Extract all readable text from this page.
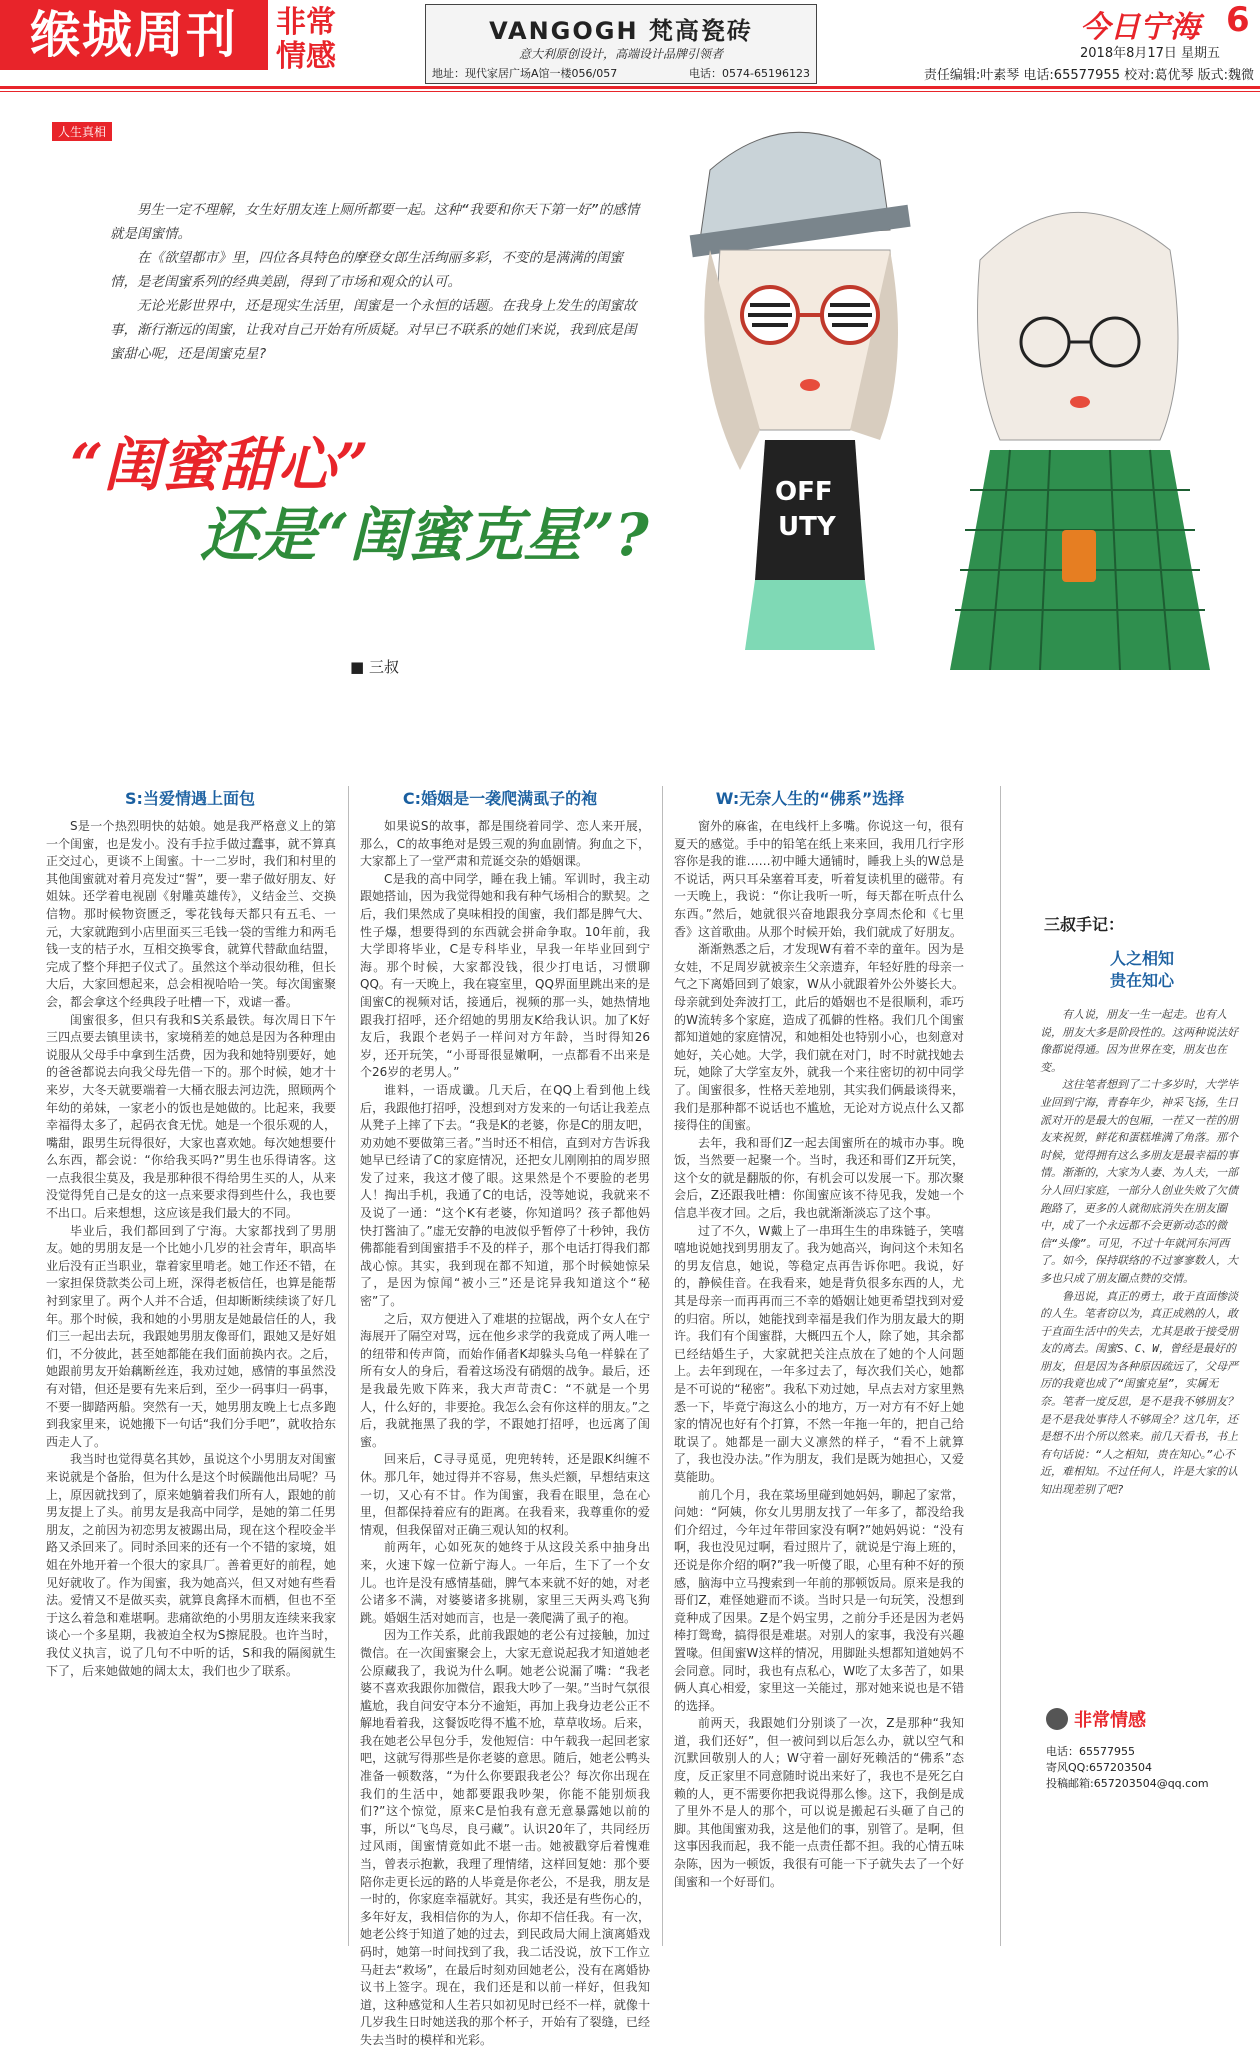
缑城周刊	非常情感
VANGOGH 梵高瓷砖
意大利原创设计，高端设计品牌引领者
地址：现代家居广场A馆一楼056/057	电话：0574-65196123
今日宁海 6
2018年8月17日 星期五
责任编辑:叶素琴 电话:65577955 校对:葛优琴 版式:魏微
人生真相

男生一定不理解，女生好朋友连上厕所都要一起。这种“我要和你天下第一好”的感情就是闺蜜情。

在《欲望都市》里，四位各具特色的摩登女郎生活绚丽多彩，不变的是满满的闺蜜情，是老闺蜜系列的经典美剧，得到了市场和观众的认可。

无论光影世界中，还是现实生活里，闺蜜是一个永恒的话题。在我身上发生的闺蜜故事，渐行渐远的闺蜜，让我对自己开始有所质疑。对早已不联系的她们来说，我到底是闺蜜甜心呢，还是闺蜜克星?

“闺蜜甜心”
还是“闺蜜克星”?
■ 三叔
OFF
UTY
S:当爱情遇上面包	C:婚姻是一袭爬满虱子的袍	W:无奈人生的“佛系”选择

S是一个热烈明快的姑娘。她是我严格意义上的第一个闺蜜，也是发小。没有手拉手做过蠢事，就不算真正交过心，更谈不上闺蜜。十一二岁时，我们和村里的其他闺蜜就对着月亮发过“誓”，要一辈子做好朋友、好姐妹。还学着电视剧《射雕英雄传》，义结金兰、交换信物。那时候物资匮乏，零花钱每天都只有五毛、一元，大家就跑到小店里面买三毛钱一袋的雪维力和两毛钱一支的桔子水，互相交换零食，就算代替歃血结盟，完成了整个拜把子仪式了。虽然这个举动很幼稚，但长大后，大家回想起来，总会相视哈哈一笑。每次闺蜜聚会，都会拿这个经典段子吐槽一下，戏谑一番。

闺蜜很多，但只有我和S关系最铁。每次周日下午三四点要去镇里读书，家境稍差的她总是因为各种理由说服从父母手中拿到生活费，因为我和她特别要好，她的爸爸都说去向我父母先借一下的。那个时候，她才十来岁，大冬天就要端着一大桶衣服去河边洗，照顾两个年幼的弟妹，一家老小的饭也是她做的。比起来，我要幸福得太多了，起码衣食无忧。她是一个很乐观的人，嘴甜，跟男生玩得很好，大家也喜欢她。每次她想要什么东西，都会说：“你给我买吗?”男生也乐得请客。这一点我很尘莫及，我是那种很不得给男生买的人，从来没觉得凭自己是女的这一点来要求得到些什么，我也要不出口。后来想想，这应该是我们最大的不同。

毕业后，我们都回到了宁海。大家都找到了男朋友。她的男朋友是一个比她小几岁的社会青年，职高毕业后没有正当职业，靠着家里啃老。她工作还不错，在一家担保贷款类公司上班，深得老板信任，也算是能帮衬到家里了。两个人并不合适，但却断断续续谈了好几年。那个时候，我和她的小男朋友是她最信任的人，我们三一起出去玩，我跟她男朋友像哥们，跟她又是好姐们，不分彼此，甚至她都能在我们面前换内衣。之后，她跟前男友开始藕断丝连，我劝过她，感情的事虽然没有对错，但还是要有先来后到，至少一码事归一码事，不要一脚踏两船。突然有一天，她男朋友晚上七点多跑到我家里来，说她搬下一句话“我们分手吧”，就收拾东西走人了。

我当时也觉得莫名其妙，虽说这个小男朋友对闺蜜来说就是个备胎，但为什么是这个时候踹他出局呢？马上，原因就找到了，原来她躺着我们所有人，跟她的前男友提上了头。前男友是我高中同学，是她的第二任男朋友，之前因为初恋男友被踢出局，现在这个程咬金半路又杀回来了。同时杀回来的还有一个不错的家境，姐姐在外地开着一个很大的家具厂。善着更好的前程，她见好就收了。作为闺蜜，我为她高兴，但又对她有些看法。爱情又不是做买卖，就算良禽择木而栖，但也不至于这么着急和难堪啊。悲痛欲绝的小男朋友连续来我家谈心一个多星期，我被迫全权为S擦屁股。也许当时，我仗义执言，说了几句不中听的话，S和我的隔阂就生下了，后来她做她的阔太太，我们也少了联系。

如果说S的故事，都是围绕着同学、恋人来开展，那么，C的故事绝对是毁三观的狗血剧情。狗血之下，大家都上了一堂严肃和荒诞交杂的婚姻课。

C是我的高中同学，睡在我上铺。军训时，我主动跟她搭讪，因为我觉得她和我有种气场相合的默契。之后，我们果然成了臭味相投的闺蜜，我们都是脾气大、性子爆，想要得到的东西就会拼命争取。10年前，我大学即将毕业，C是专科毕业，早我一年毕业回到宁海。那个时候，大家都没钱，很少打电话，习惯聊QQ。有一天晚上，我在寝室里，QQ界面里跳出来的是闺蜜C的视频对话，接通后，视频的那一头，她热情地跟我打招呼，还介绍她的男朋友K给我认识。加了K好友后，我跟个老妈子一样问对方年龄，当时得知26岁，还开玩笑，“小哥哥很显嫩啊，一点都看不出来是个26岁的老男人。”

谁料，一语成谶。几天后，在QQ上看到他上线后，我跟他打招呼，没想到对方发来的一句话让我差点从凳子上摔了下去。“我是K的老婆，你是C的朋友吧，劝劝她不要做第三者。”当时还不相信，直到对方告诉我她早已经请了C的家庭情况，还把女儿刚刚拍的周岁照发了过来，我这才傻了眼。这果然是个不要脸的老男人！掏出手机，我通了C的电话，没等她说，我就来不及说了一通：“这个K有老婆，你知道吗？孩子都他妈快打酱油了。”虚无安静的电波似乎暂停了十秒钟，我仿佛都能看到闺蜜措手不及的样子，那个电话打得我们都战心惊。其实，我到现在都不知道，那个时候她惊呆了，是因为惊闻“被小三”还是诧异我知道这个“秘密”了。

之后，双方便进入了难堪的拉锯战，两个女人在宁海展开了隔空对骂，远在他乡求学的我竟成了两人唯一的纽带和传声筒，而始作俑者K却躲头乌龟一样躲在了所有女人的身后，看着这场没有硝烟的战争。最后，还是我最先败下阵来，我大声苛责C：“不就是一个男人，什么好的，非要抢。我怎么会有你这样的朋友。”之后，我就拖黑了我的学，不跟她打招呼，也远离了闺蜜。

回来后，C寻寻觅觅，兜兜转转，还是跟K纠缠不休。那几年，她过得并不容易，焦头烂额，早想结束这一切，又心有不甘。作为闺蜜，我看在眼里，急在心里，但都保持着应有的距离。在我看来，我尊重你的爱情观，但我保留对正确三观认知的权利。

前两年，心如死灰的她终于从这段关系中抽身出来，火速下嫁一位新宁海人。一年后，生下了一个女儿。也许是没有感情基础，脾气本来就不好的她，对老公诸多不满，对婆婆诸多挑剔，家里三天两头鸡飞狗跳。婚姻生活对她而言，也是一袭爬满了虱子的袍。

因为工作关系，此前我跟她的老公有过接触，加过微信。在一次闺蜜聚会上，大家无意说起我才知道她老公原藏我了，我说为什么啊。她老公说漏了嘴：“我老婆不喜欢我跟你加微信，跟我大吵了一架。”当时气氛很尴尬，我自问安守本分不逾矩，再加上我身边老公正不解地看着我，这餐饭吃得不尴不尬，草草收场。后来，我在她老公早包分手，发他短信：中午载我一起回老家吧，这就写得那些是你老婆的意思。随后，她老公鸭头准备一顿数落，“为什么你要跟我老公？每次你出现在我们的生活中，她都要跟我吵架，你能不能别烦我们?”这个惊觉，原来C是怕我有意无意暴露她以前的事，所以“飞鸟尽，良弓藏”。认识20年了，共同经历过风雨，闺蜜情竟如此不堪一击。她被戳穿后着愧难当，曾表示抱歉，我理了理情绪，这样回复她：那个要陪你走更长远的路的人毕竟是你老公，不是我，朋友是一时的，你家庭幸福就好。其实，我还是有些伤心的，多年好友，我相信你的为人，你却不信任我。有一次，她老公终于知道了她的过去，到民政局大闹上演离婚戏码时，她第一时间找到了我，我二话没说，放下工作立马赶去“救场”，在最后时刻劝回她老公，没有在离婚协议书上签字。现在，我们还是和以前一样好，但我知道，这种感觉和人生若只如初见时已经不一样，就像十几岁我生日时她送我的那个杯子，开始有了裂缝，已经失去当时的模样和光彩。

窗外的麻雀，在电线杆上多嘴。你说这一句，很有夏天的感觉。手中的铅笔在纸上来来回，我用几行字形容你是我的谁……初中睡大通铺时，睡我上头的W总是不说话，两只耳朵塞着耳麦，听着复读机里的磁带。有一天晚上，我说：“你让我听一听，每天都在听点什么东西。”然后，她就很兴奋地跟我分享周杰伦和《七里香》这首歌曲。从那个时候开始，我们就成了好朋友。

渐渐熟悉之后，才发现W有着不幸的童年。因为是女娃，不足周岁就被亲生父亲遗弃，年轻好胜的母亲一气之下离婚回到了娘家，W从小就跟着外公外婆长大。母亲就到处奔波打工，此后的婚姻也不是很顺利，乖巧的W流转多个家庭，造成了孤僻的性格。我们几个闺蜜都知道她的家庭情况，和她相处也特别小心，也刻意对她好，关心她。大学，我们就在对门，时不时就找她去玩，她除了大学室友外，就我一个来往密切的初中同学了。闺蜜很多，性格天差地别，其实我们俩最谈得来，我们是那种都不说话也不尴尬，无论对方说点什么又都接得住的闺蜜。

去年，我和哥们Z一起去闺蜜所在的城市办事。晚饭，当然要一起聚一个。当时，我还和哥们Z开玩笑，这个女的就是翻版的你，有机会可以发展一下。那次聚会后，Z还跟我吐槽：你闺蜜应该不待见我，发她一个信息半夜才回。之后，我也就渐渐淡忘了这个事。

过了不久，W戴上了一串珥生生的串珠链子，笑嘻嘻地说她找到男朋友了。我为她高兴，询问这个未知名的男友信息，她说，等稳定点再告诉你吧。我说，好的，静候佳音。在我看来，她是背负很多东西的人，尤其是母亲一而再再而三不幸的婚姻让她更希望找到对爱的归宿。所以，她能找到幸福是我们作为朋友最大的期许。我们有个闺蜜群，大概四五个人，除了她，其余都已经结婚生子，大家就把关注点放在了她的个人问题上。去年到现在，一年多过去了，每次我们关心，她都是不可说的“秘密”。我私下劝过她，早点去对方家里熟悉一下，毕竟宁海这么小的地方，万一对方有不好上她家的情况也好有个打算，不然一年拖一年的，把自己给耽误了。她都是一副大义凛然的样子，“看不上就算了，我也没办法。”作为朋友，我们是既为她担心，又爱莫能助。

前几个月，我在菜场里碰到她妈妈，聊起了家常，问她：“阿姨，你女儿男朋友找了一年多了，都没给我们介绍过，今年过年带回家没有啊?”她妈妈说：“没有啊，我也没见过啊，看过照片了，就说是宁海上班的，还说是你介绍的啊?”我一听傻了眼，心里有种不好的预感，脑海中立马搜索到一年前的那顿饭局。原来是我的哥们Z，难怪她避而不谈。当时只是一句玩笑，没想到竟种成了因果。Z是个妈宝男，之前分手还是因为老妈棒打鸳鸯，搞得很是难堪。对别人的家事，我没有兴趣置喙。但闺蜜W这样的情况，用脚趾头想都知道她妈不会同意。同时，我也有点私心，W吃了太多苦了，如果俩人真心相爱，家里这一关能过，那对她来说也是不错的选择。

前两天，我跟她们分别谈了一次，Z是那种“我知道，我们还好”，但一被问到以后怎么办，就以空气和沉默回敬别人的人；W守着一副好死赖活的“佛系”态度，反正家里不同意随时说出来好了，我也不是死乞白赖的人，更不需要你把我说得那么惨。这下，我倒是成了里外不是人的那个，可以说是搬起石头砸了自己的脚。其他闺蜜劝我，这是他们的事，别管了。是啊，但这事因我而起，我不能一点责任都不担。我的心情五味杂陈，因为一顿饭，我很有可能一下子就失去了一个好闺蜜和一个好哥们。

三叔手记：
人之相知
贵在知心

有人说，朋友一生一起走。也有人说，朋友大多是阶段性的。这两种说法好像都说得通。因为世界在变，朋友也在变。

这往笔者想到了二十多岁时，大学毕业回到宁海，青春年少，神采飞扬，生日派对开的是最大的包厢，一茬又一茬的朋友来祝贺，鲜花和蛋糕堆满了角落。那个时候，觉得拥有这么多朋友是最幸福的事情。渐渐的，大家为人妻、为人夫，一部分人回归家庭，一部分人创业失败了欠债跑路了，更多的人就彻底消失在朋友圈中，成了一个永远都不会更新动态的微信“头像”。可见，不过十年就河东河西了。如今，保持联络的不过寥寥数人，大多也只成了朋友圈点赞的交情。

鲁迅说，真正的勇士，敢于直面惨淡的人生。笔者窃以为，真正成熟的人，敢于直面生活中的失去，尤其是敢于接受朋友的离去。闺蜜S、C、W，曾经是最好的朋友，但是因为各种原因疏远了，父母严厉的我竟也成了“闺蜜克星”，实属无奈。笔者一度反思，是不是我不够朋友？是不是我处事待人不够周全？这几年，还是想不出个所以然来。前几天看书，书上有句话说：“人之相知，贵在知心。”心不近，难相知。不过任何人，许是大家的认知出现差别了吧?

非常情感
电话：65577955
寄风QQ:657203504
投稿邮箱:657203504@qq.com
